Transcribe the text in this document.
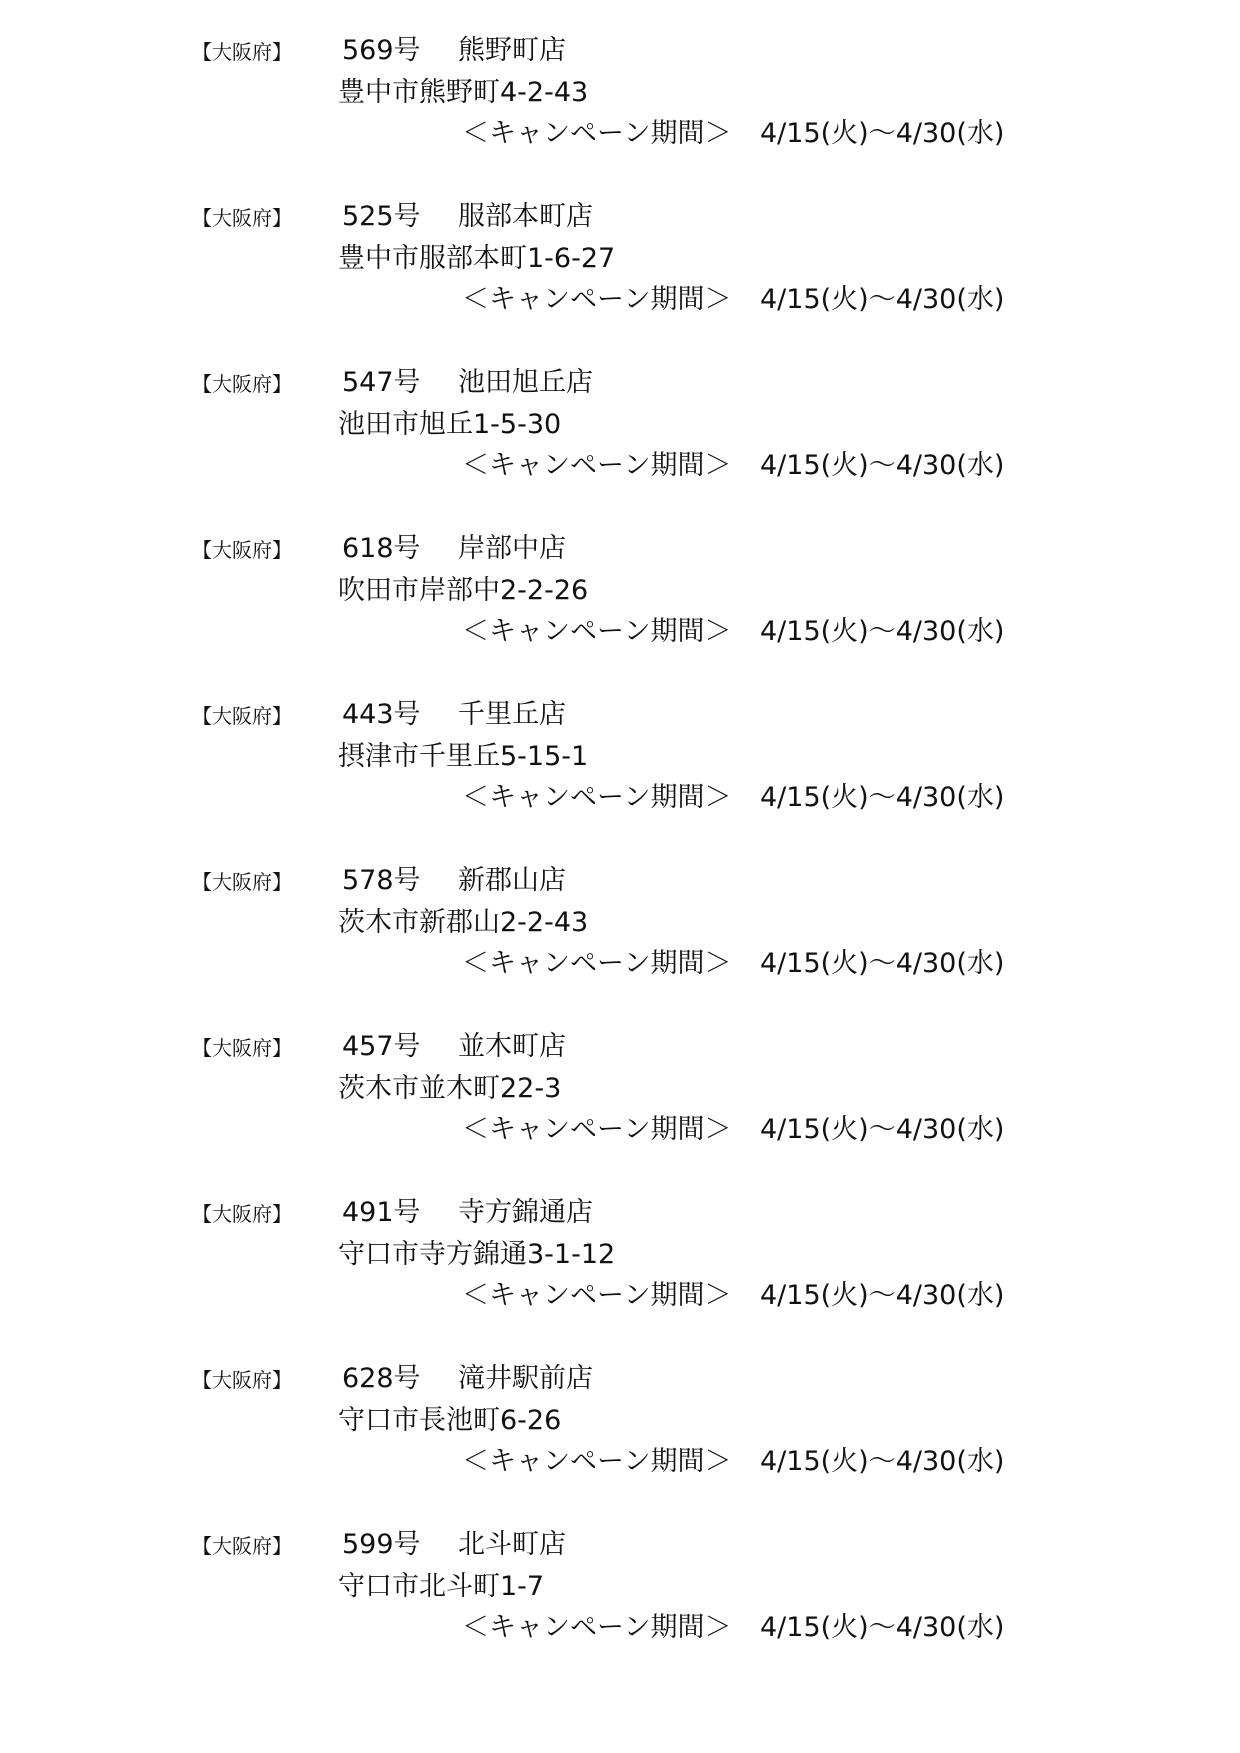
【大阪府】 569号 熊野町店
豊中市熊野町4-2-43
＜キャンペーン期間＞ 4/15(火)～4/30(水)
【大阪府】 525号 服部本町店
豊中市服部本町1-6-27
＜キャンペーン期間＞ 4/15(火)～4/30(水)
【大阪府】 547号 池田旭丘店
池田市旭丘1-5-30
＜キャンペーン期間＞ 4/15(火)～4/30(水)
【大阪府】 618号 岸部中店
吹田市岸部中2-2-26
＜キャンペーン期間＞ 4/15(火)～4/30(水)
【大阪府】 443号 千里丘店
摂津市千里丘5-15-1
＜キャンペーン期間＞ 4/15(火)～4/30(水)
【大阪府】 578号 新郡山店
茨木市新郡山2-2-43
＜キャンペーン期間＞ 4/15(火)～4/30(水)
【大阪府】 457号 並木町店
茨木市並木町22-3
＜キャンペーン期間＞ 4/15(火)～4/30(水)
【大阪府】 491号 寺方錦通店
守口市寺方錦通3-1-12
＜キャンペーン期間＞ 4/15(火)～4/30(水)
【大阪府】 628号 滝井駅前店
守口市長池町6-26
＜キャンペーン期間＞ 4/15(火)～4/30(水)
【大阪府】 599号 北斗町店
守口市北斗町1-7
＜キャンペーン期間＞ 4/15(火)～4/30(水)
